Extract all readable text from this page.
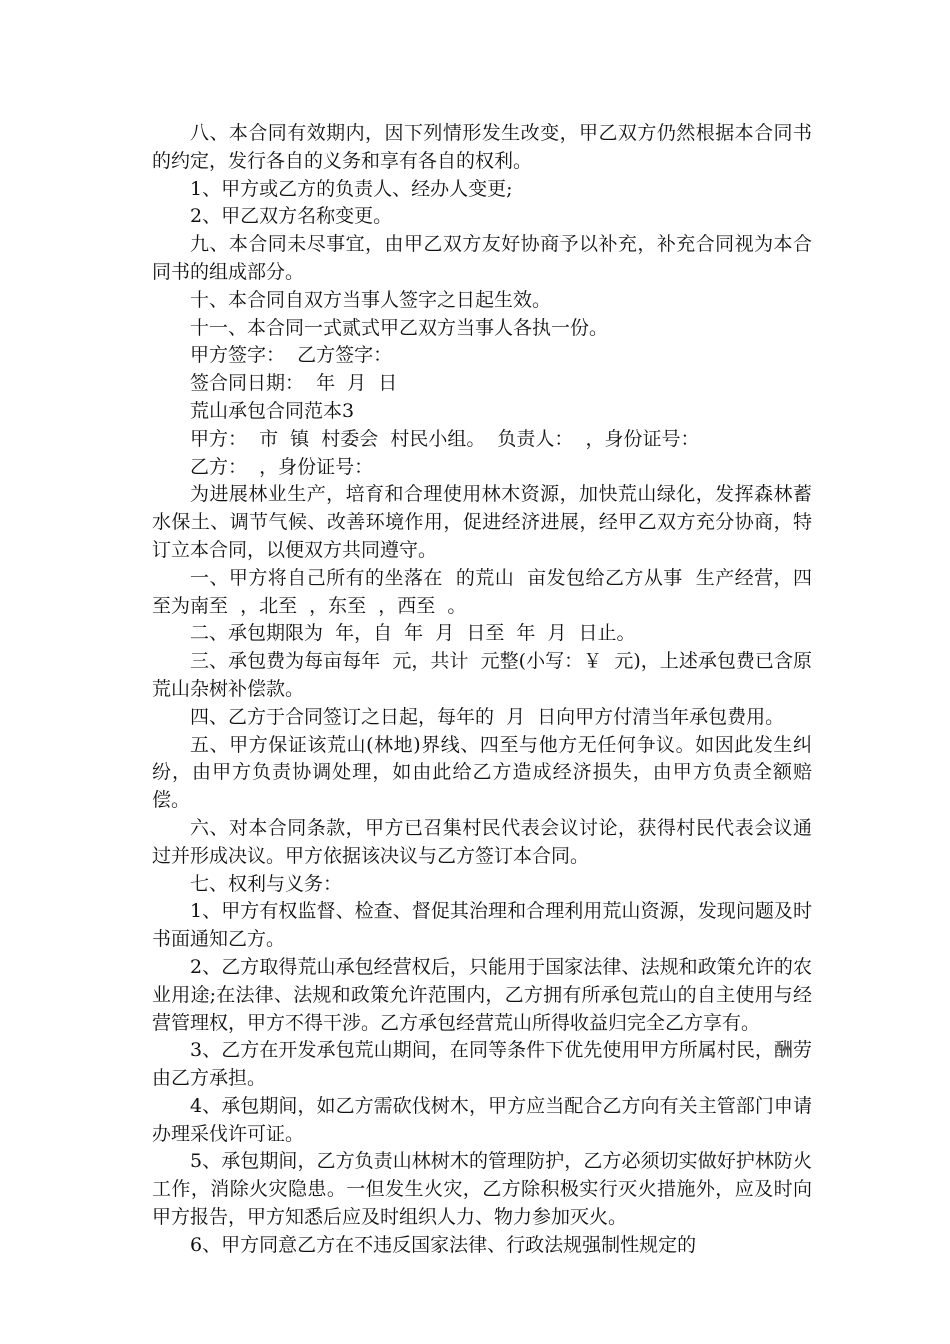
八、本合同有效期内，因下列情形发生改变，甲乙双方仍然根据本合同书的约定，发行各自的义务和享有各自的权利。

1、甲方或乙方的负责人、经办人变更;

2、甲乙双方名称变更。

九、本合同未尽事宜，由甲乙双方友好协商予以补充，补充合同视为本合同书的组成部分。

十、本合同自双方当事人签字之日起生效。

十一、本合同一式贰式甲乙双方当事人各执一份。

甲方签字：  乙方签字：

签合同日期：  年  月  日

荒山承包合同范本3

甲方：  市  镇  村委会  村民小组。  负责人：  ，身份证号：

乙方：  ，身份证号：

为进展林业生产，培育和合理使用林木资源，加快荒山绿化，发挥森林蓄水保土、调节气候、改善环境作用，促进经济进展，经甲乙双方充分协商，特订立本合同，以便双方共同遵守。

一、甲方将自己所有的坐落在  的荒山  亩发包给乙方从事  生产经营，四至为南至  ，北至  ，东至  ，西至  。

二、承包期限为  年，自  年  月  日至  年  月  日止。

三、承包费为每亩每年  元，共计  元整(小写：￥  元)，上述承包费已含原荒山杂树补偿款。

四、乙方于合同签订之日起，每年的  月  日向甲方付清当年承包费用。

五、甲方保证该荒山(林地)界线、四至与他方无任何争议。如因此发生纠纷，由甲方负责协调处理，如由此给乙方造成经济损失，由甲方负责全额赔偿。

六、对本合同条款，甲方已召集村民代表会议讨论，获得村民代表会议通过并形成决议。甲方依据该决议与乙方签订本合同。

七、权利与义务：

1、甲方有权监督、检查、督促其治理和合理利用荒山资源，发现问题及时书面通知乙方。

2、乙方取得荒山承包经营权后，只能用于国家法律、法规和政策允许的农业用途;在法律、法规和政策允许范围内，乙方拥有所承包荒山的自主使用与经营管理权，甲方不得干涉。乙方承包经营荒山所得收益归完全乙方享有。

3、乙方在开发承包荒山期间，在同等条件下优先使用甲方所属村民，酬劳由乙方承担。

4、承包期间，如乙方需砍伐树木，甲方应当配合乙方向有关主管部门申请办理采伐许可证。

5、承包期间，乙方负责山林树木的管理防护，乙方必须切实做好护林防火工作，消除火灾隐患。一但发生火灾，乙方除积极实行灭火措施外，应及时向甲方报告，甲方知悉后应及时组织人力、物力参加灭火。

6、甲方同意乙方在不违反国家法律、行政法规强制性规定的
